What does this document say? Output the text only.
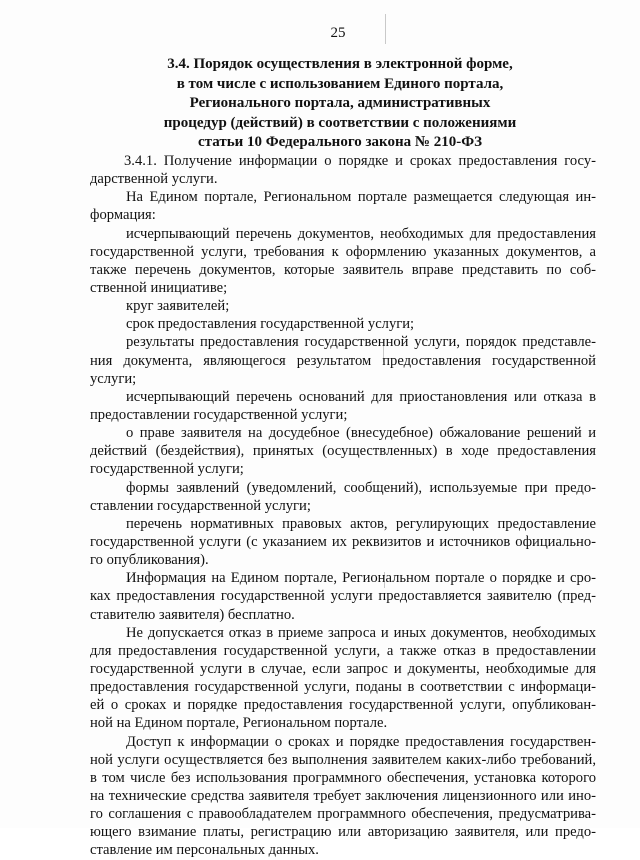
25
3.4. Порядок осуществления в электронной форме,
в том числе с использованием Единого портала,
Регионального портала, административных
процедур (действий) в соответствии с положениями
статьи 10 Федерального закона № 210-ФЗ
3.4.1. Получение информации о порядке и сроках предоставления госу-
дарственной услуги.
На Едином портале, Региональном портале размещается следующая ин-
формация:
исчерпывающий перечень документов, необходимых для предоставления
государственной услуги, требования к оформлению указанных документов, а
также перечень документов, которые заявитель вправе представить по соб-
ственной инициативе;
круг заявителей;
срок предоставления государственной услуги;
результаты предоставления государственной услуги, порядок представле-
ния документа, являющегося результатом предоставления государственной
услуги;
исчерпывающий перечень оснований для приостановления или отказа в
предоставлении государственной услуги;
о праве заявителя на досудебное (внесудебное) обжалование решений и
действий (бездействия), принятых (осуществленных) в ходе предоставления
государственной услуги;
формы заявлений (уведомлений, сообщений), используемые при предо-
ставлении государственной услуги;
перечень нормативных правовых актов, регулирующих предоставление
государственной услуги (с указанием их реквизитов и источников официально-
го опубликования).
Информация на Едином портале, Региональном портале о порядке и сро-
ках предоставления государственной услуги предоставляется заявителю (пред-
ставителю заявителя) бесплатно.
Не допускается отказ в приеме запроса и иных документов, необходимых
для предоставления государственной услуги, а также отказ в предоставлении
государственной услуги в случае, если запрос и документы, необходимые для
предоставления государственной услуги, поданы в соответствии с информаци-
ей о сроках и порядке предоставления государственной услуги, опубликован-
ной на Едином портале, Региональном портале.
Доступ к информации о сроках и порядке предоставления государствен-
ной услуги осуществляется без выполнения заявителем каких-либо требований,
в том числе без использования программного обеспечения, установка которого
на технические средства заявителя требует заключения лицензионного или ино-
го соглашения с правообладателем программного обеспечения, предусматрива-
ющего взимание платы, регистрацию или авторизацию заявителя, или предо-
ставление им персональных данных.
